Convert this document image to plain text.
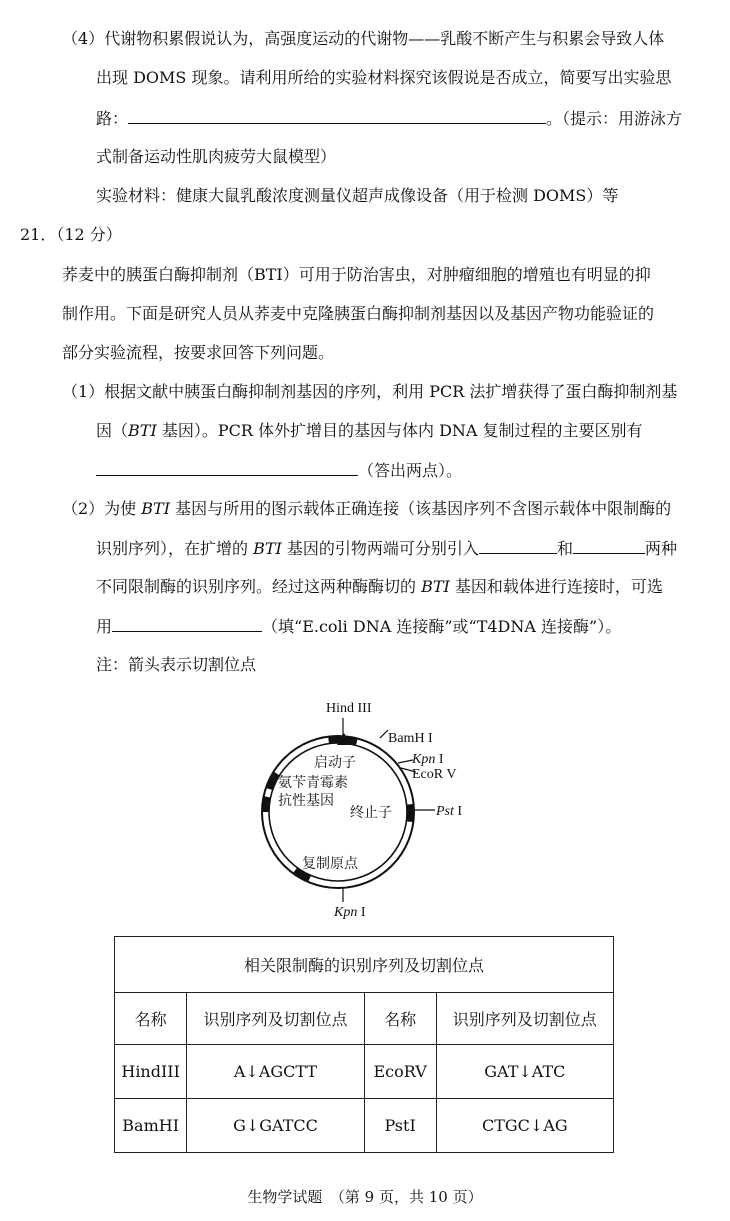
（4）代谢物积累假说认为，高强度运动的代谢物——乳酸不断产生与积累会导致人体
出现 DOMS 现象。请利用所给的实验材料探究该假说是否成立，简要写出实验思
路：	。（提示：用游泳方
式制备运动性肌肉疲劳大鼠模型）
实验材料：健康大鼠乳酸浓度测量仪超声成像设备（用于检测 DOMS）等
21．（12 分）
荞麦中的胰蛋白酶抑制剂（BTI）可用于防治害虫，对肿瘤细胞的增殖也有明显的抑
制作用。下面是研究人员从荞麦中克隆胰蛋白酶抑制剂基因以及基因产物功能验证的
部分实验流程，按要求回答下列问题。
（1）根据文献中胰蛋白酶抑制剂基因的序列，利用 PCR 法扩增获得了蛋白酶抑制剂基
因（BTI 基因）。PCR 体外扩增目的基因与体内 DNA 复制过程的主要区别有
（答出两点）。
（2）为使 BTI 基因与所用的图示载体正确连接（该基因序列不含图示载体中限制酶的
识别序列），在扩增的 BTI 基因的引物两端可分别引入	和	两种
不同限制酶的识别序列。经过这两种酶酶切的 BTI 基因和载体进行连接时，可选
用	（填“E.coli DNA 连接酶”或“T4DNA 连接酶”）。
注：箭头表示切割位点
Hind III
BamH I
Kpn I
EcoR V
Pst I
Kpn I
启动子
氨苄青霉素
抗性基因
终止子
复制原点
相关限制酶的识别序列及切割位点			
名称	识别序列及切割位点	名称	识别序列及切割位点
HindIII	A↓AGCTT	EcoRV	GAT↓ATC
BamHI	G↓GATCC	PstI	CTGC↓AG
生物学试题　（第 9 页，共 10 页）
